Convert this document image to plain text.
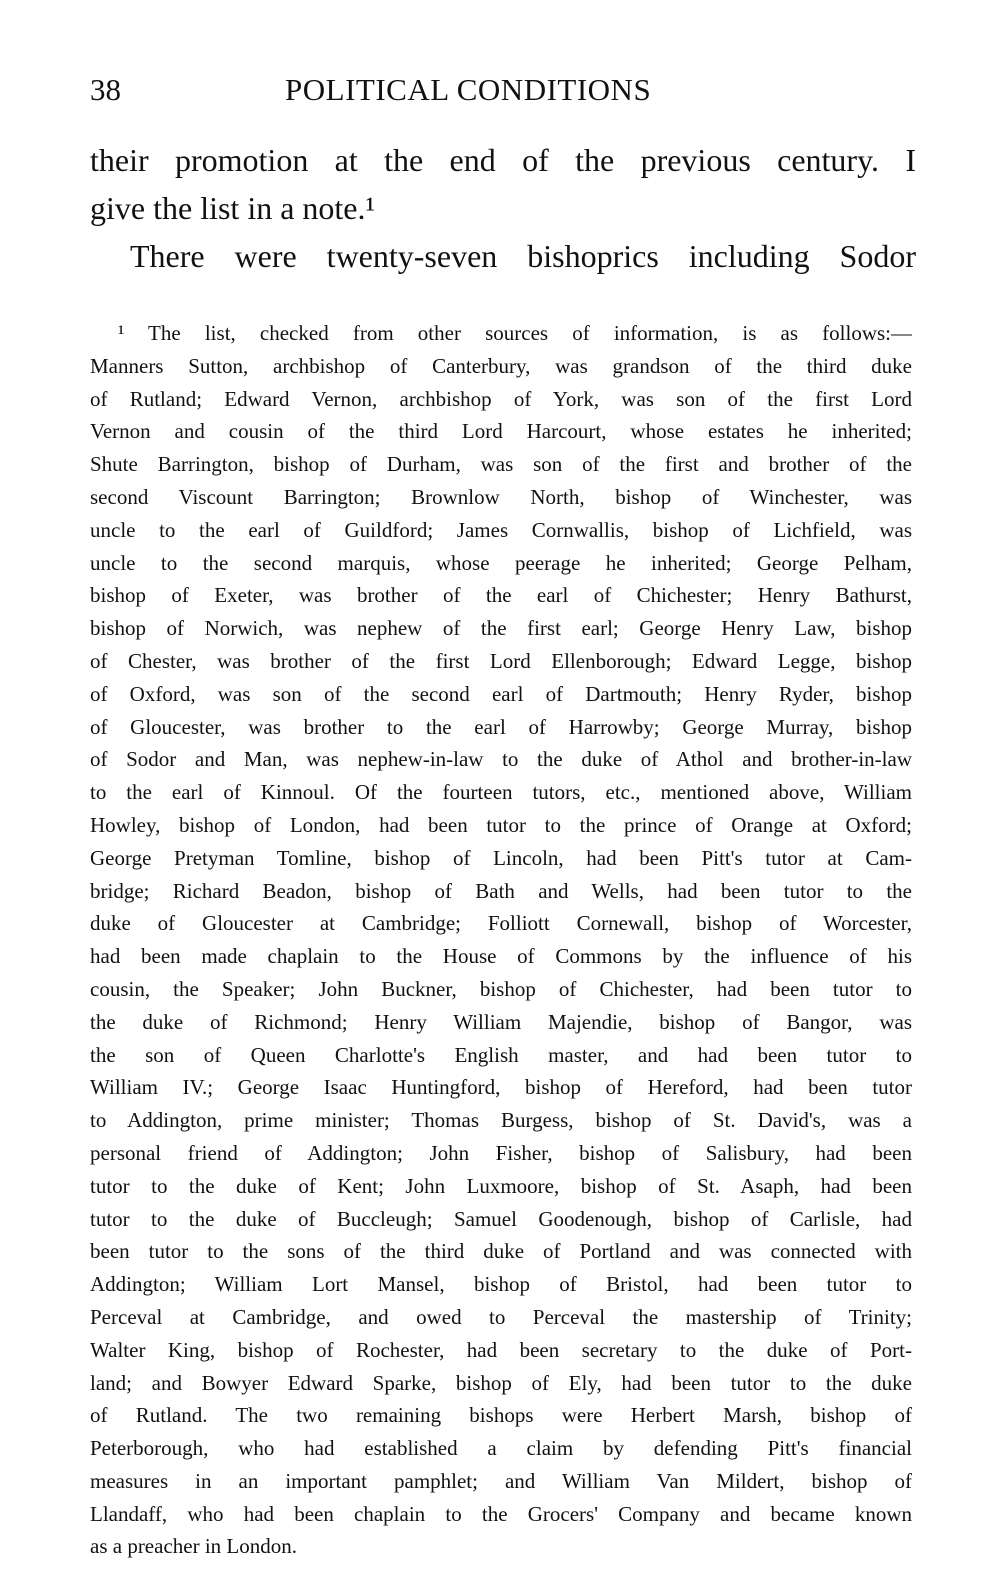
38	POLITICAL CONDITIONS
their promotion at the end of the previous century. I
give the list in a note.¹
There were twenty-seven bishoprics including Sodor
¹ The list, checked from other sources of information, is as follows:—
Manners Sutton, archbishop of Canterbury, was grandson of the third duke
of Rutland; Edward Vernon, archbishop of York, was son of the first Lord
Vernon and cousin of the third Lord Harcourt, whose estates he inherited;
Shute Barrington, bishop of Durham, was son of the first and brother of the
second Viscount Barrington; Brownlow North, bishop of Winchester, was
uncle to the earl of Guildford; James Cornwallis, bishop of Lichfield, was
uncle to the second marquis, whose peerage he inherited; George Pelham,
bishop of Exeter, was brother of the earl of Chichester; Henry Bathurst,
bishop of Norwich, was nephew of the first earl; George Henry Law, bishop
of Chester, was brother of the first Lord Ellenborough; Edward Legge, bishop
of Oxford, was son of the second earl of Dartmouth; Henry Ryder, bishop
of Gloucester, was brother to the earl of Harrowby; George Murray, bishop
of Sodor and Man, was nephew-in-law to the duke of Athol and brother-in-law
to the earl of Kinnoul. Of the fourteen tutors, etc., mentioned above, William
Howley, bishop of London, had been tutor to the prince of Orange at Oxford;
George Pretyman Tomline, bishop of Lincoln, had been Pitt's tutor at Cam-
bridge; Richard Beadon, bishop of Bath and Wells, had been tutor to the
duke of Gloucester at Cambridge; Folliott Cornewall, bishop of Worcester,
had been made chaplain to the House of Commons by the influence of his
cousin, the Speaker; John Buckner, bishop of Chichester, had been tutor to
the duke of Richmond; Henry William Majendie, bishop of Bangor, was
the son of Queen Charlotte's English master, and had been tutor to
William IV.; George Isaac Huntingford, bishop of Hereford, had been tutor
to Addington, prime minister; Thomas Burgess, bishop of St. David's, was a
personal friend of Addington; John Fisher, bishop of Salisbury, had been
tutor to the duke of Kent; John Luxmoore, bishop of St. Asaph, had been
tutor to the duke of Buccleugh; Samuel Goodenough, bishop of Carlisle, had
been tutor to the sons of the third duke of Portland and was connected with
Addington; William Lort Mansel, bishop of Bristol, had been tutor to
Perceval at Cambridge, and owed to Perceval the mastership of Trinity;
Walter King, bishop of Rochester, had been secretary to the duke of Port-
land; and Bowyer Edward Sparke, bishop of Ely, had been tutor to the duke
of Rutland. The two remaining bishops were Herbert Marsh, bishop of
Peterborough, who had established a claim by defending Pitt's financial
measures in an important pamphlet; and William Van Mildert, bishop of
Llandaff, who had been chaplain to the Grocers' Company and became known
as a preacher in London.
